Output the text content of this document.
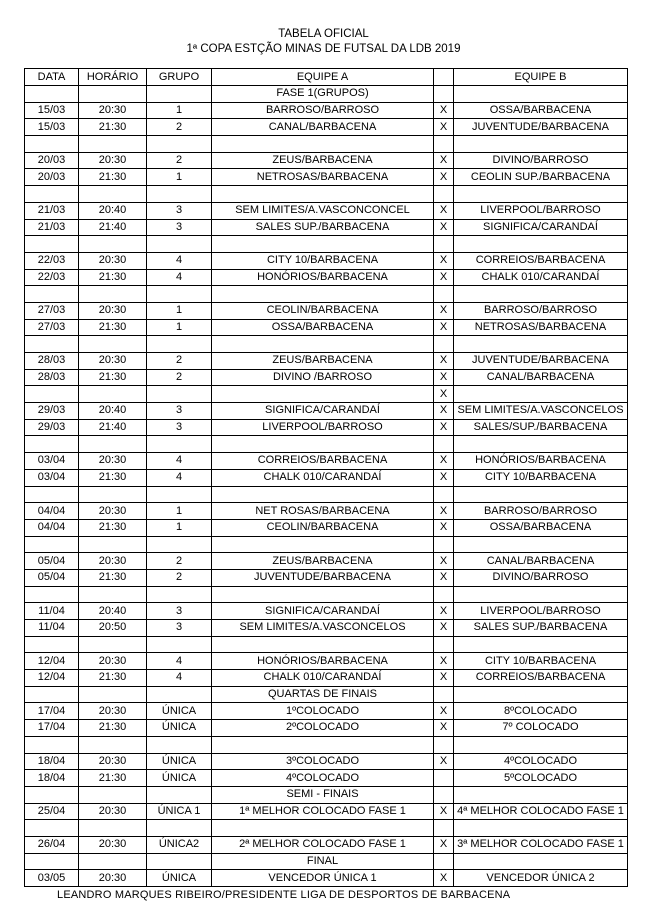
TABELA OFICIAL
1ª COPA ESTÇÃO MINAS DE FUTSAL DA LDB 2019
DATA	HORÁRIO	GRUPO	EQUIPE A		EQUIPE B
			FASE 1(GRUPOS)		
15/03	20:30	1	BARROSO/BARROSO	X	OSSA/BARBACENA
15/03	21:30	2	CANAL/BARBACENA	X	JUVENTUDE/BARBACENA

20/03	20:30	2	ZEUS/BARBACENA	X	DIVINO/BARROSO
20/03	21:30	1	NETROSAS/BARBACENA	X	CEOLIN SUP./BARBACENA

21/03	20:40	3	SEM LIMITES/A.VASCONCONCEL	X	LIVERPOOL/BARROSO
21/03	21:40	3	SALES SUP./BARBACENA	X	SIGNIFICA/CARANDAÍ

22/03	20:30	4	CITY 10/BARBACENA	X	CORREIOS/BARBACENA
22/03	21:30	4	HONÓRIOS/BARBACENA	X	CHALK 010/CARANDAÍ

27/03	20:30	1	CEOLIN/BARBACENA	X	BARROSO/BARROSO
27/03	21:30	1	OSSA/BARBACENA	X	NETROSAS/BARBACENA

28/03	20:30	2	ZEUS/BARBACENA	X	JUVENTUDE/BARBACENA
28/03	21:30	2	DIVINO /BARROSO	X	CANAL/BARBACENA
				X	
29/03	20:40	3	SIGNIFICA/CARANDAÍ	X	SEM LIMITES/A.VASCONCELOS
29/03	21:40	3	LIVERPOOL/BARROSO	X	SALES/SUP./BARBACENA

03/04	20:30	4	CORREIOS/BARBACENA	X	HONÓRIOS/BARBACENA
03/04	21:30	4	CHALK 010/CARANDAÍ	X	CITY 10/BARBACENA

04/04	20:30	1	NET ROSAS/BARBACENA	X	BARROSO/BARROSO
04/04	21:30	1	CEOLIN/BARBACENA	X	OSSA/BARBACENA

05/04	20:30	2	ZEUS/BARBACENA	X	CANAL/BARBACENA
05/04	21:30	2	JUVENTUDE/BARBACENA	X	DIVINO/BARROSO

11/04	20:40	3	SIGNIFICA/CARANDAÍ	X	LIVERPOOL/BARROSO
11/04	20:50	3	SEM LIMITES/A.VASCONCELOS	X	SALES SUP./BARBACENA

12/04	20:30	4	HONÓRIOS/BARBACENA	X	CITY 10/BARBACENA
12/04	21:30	4	CHALK 010/CARANDAÍ	X	CORREIOS/BARBACENA
			QUARTAS DE FINAIS		
17/04	20:30	ÚNICA	1ºCOLOCADO	X	8ºCOLOCADO
17/04	21:30	ÚNICA	2ºCOLOCADO	X	7º COLOCADO

18/04	20:30	ÚNICA	3ºCOLOCADO	X	4ºCOLOCADO
18/04	21:30	ÚNICA	4ºCOLOCADO		5ºCOLOCADO
			SEMI - FINAIS		
25/04	20:30	ÚNICA 1	1ª MELHOR COLOCADO FASE 1	X	4ª MELHOR COLOCADO FASE 1

26/04	20:30	ÚNICA2	2ª MELHOR COLOCADO FASE 1	X	3ª MELHOR COLOCADO FASE 1
			FINAL		
03/05	20:30	ÚNICA	VENCEDOR ÚNICA 1	X	VENCEDOR ÚNICA 2
LEANDRO MARQUES RIBEIRO/PRESIDENTE LIGA DE DESPORTOS DE BARBACENA
